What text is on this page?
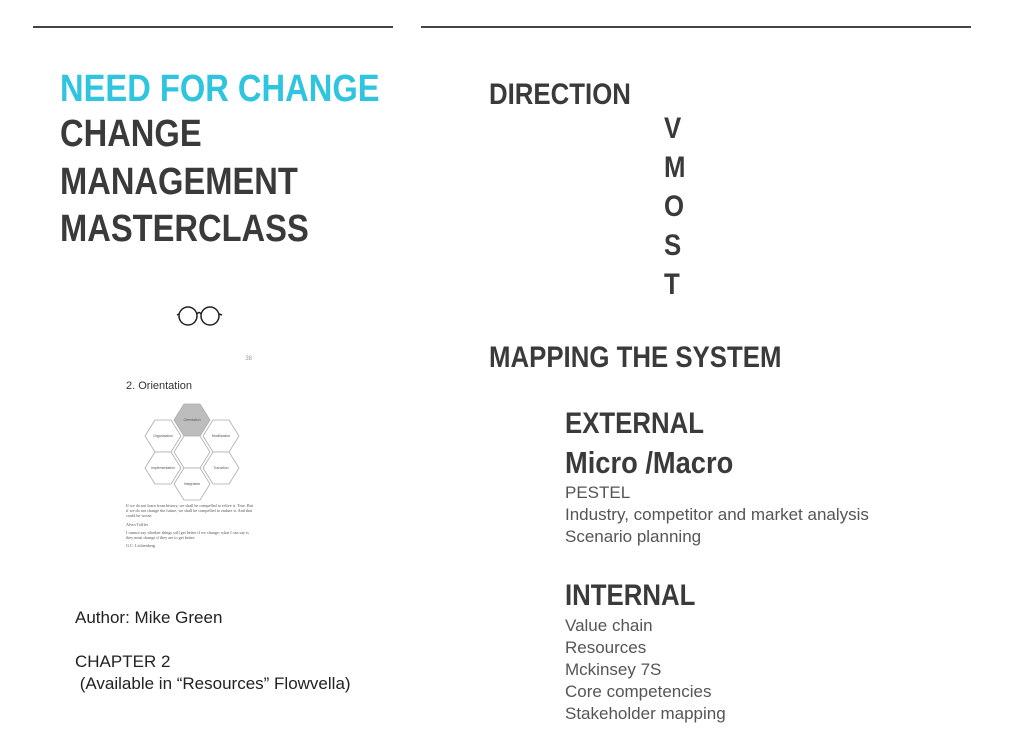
NEED FOR CHANGE
CHANGE
MANAGEMENT
MASTERCLASS
38
2. Orientation
Orientation
Organisation	Mobilisation
Implementation	Transition
Integration

If we do not learn from history, we shall be compelled to relive it. True. But if we do not change the future, we shall be compelled to endure it. And that could be worse.

Alvin Toffler

I cannot say whether things will get better if we change; what I can say is they must change if they are to get better.

G.C. Lichtenberg

Author: Mike Green
CHAPTER 2
(Available in “Resources” Flowvella)
DIRECTION
V
M
O
S
T
MAPPING THE SYSTEM
EXTERNAL
Micro /Macro
PESTEL
Industry, competitor and market analysis
Scenario planning
INTERNAL
Value chain
Resources
Mckinsey 7S
Core competencies
Stakeholder mapping
